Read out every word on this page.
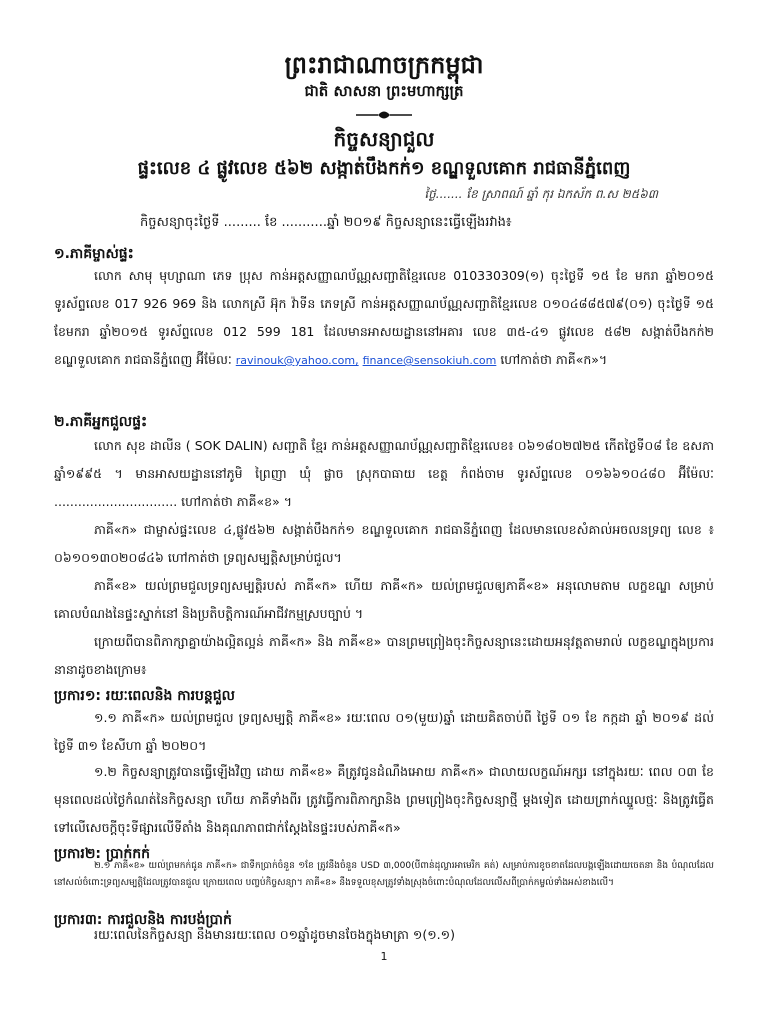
ព្រះរាជាណាចក្រកម្ពុជា
ជាតិ សាសនា ព្រះមហាក្សត្រ
កិច្ចសន្យាជួល
ផ្ទះលេខ ៤ ផ្លូវលេខ ៥៦២ សង្កាត់បឹងកក់១ ខណ្ឌទួលគោក រាជធានីភ្នំពេញ
ថ្ងៃ....... ខែ ស្រាពណ៍ ឆ្នាំ កុរ ឯកស័ក ព.ស ២៥៦៣
កិច្ចសន្យាចុះថ្ងៃទី ......... ខែ ...........ឆ្នាំ ២០១៩ កិច្ចសន្យានេះធ្វើឡើងរវាង៖
១.ភាគីម្ចាស់ផ្ទះ
លោក សាមុ មុហ្សាណា ភេទ ប្រុស កាន់អត្តសញ្ញាណប័ណ្ណសញ្ជាតិខ្មែរលេខ 010330309(១) ចុះថ្ងៃទី ១៥ ខែ មករា ឆ្នាំ២០១៥ ទូរស័ព្ទលេខ 017 926 969 និង លោកស្រី អ៊ុក វ៉ាទីន ភេទស្រី កាន់អត្តសញ្ញាណប័ណ្ណសញ្ជាតិខ្មែរលេខ ០១០៤៨៨៥៧៩(០១) ចុះថ្ងៃទី ១៥ ខែមករា ឆ្នាំ២០១៥ ទូរស័ព្ទលេខ 012 599 181 ដែលមានអាសយដ្ឋាននៅអគារ លេខ ៣៥-៤១ ផ្លូវលេខ ៥៨២ សង្កាត់បឹងកក់២ ខណ្ឌទួលគោក រាជធានីភ្នំពេញ អ៊ីម៉ែលៈ ravinouk@yahoo.com, finance@sensokiuh.com ហៅកាត់ថា ភាគី«ក»។
២.ភាគីអ្នកជួលផ្ទះ
លោក សុខ ដាលីន ( SOK DALIN) សញ្ជាតិ ខ្មែរ កាន់អត្តសញ្ញាណប័ណ្ណសញ្ជាតិខ្មែរលេខ៖ ០៦១៨០២៧២៥ កើតថ្ងៃទី០៨ ខែ ឧសភា ឆ្នាំ១៩៩៥ ។ មានអាសយដ្ឋាននៅភូមិ ព្រៃញា ឃុំ ផ្លាច ស្រុកបាធាយ ខេត្ត កំពង់ចាម ទូរស័ព្ទលេខ ០១៦៦១០៤៨០ អ៊ីម៉ែលៈ ............................... ហៅកាត់ថា ភាគី«ខ» ។
ភាគី«ក» ជាម្ចាស់ផ្ទះលេខ ៤,ផ្លូវ៥៦២ សង្កាត់បឹងកក់១ ខណ្ឌទួលគោក រាជធានីភ្នំពេញ ដែលមានលេខសំគាល់អចលនទ្រព្យ លេខ ៖ ០៦១០១៣០២០៨៤៦ ហៅកាត់ថា ទ្រព្យសម្បត្តិសម្រាប់ជួល។
ភាគី«ខ» យល់ព្រមជួលទ្រព្យសម្បត្តិរបស់ ភាគី«ក» ហើយ ភាគី«ក» យល់ព្រមជួលឲ្យភាគី«ខ» អនុលោមតាម លក្ខខណ្ឌ សម្រាប់គោលបំណងនៃផ្ទះស្នាក់នៅ និងប្រតិបត្តិការណ៍អាជីវកម្មស្របច្បាប់ ។
ក្រោយពីបានពិភាក្សាគ្នាយ៉ាងល្អិតល្អន់ ភាគី«ក» និង ភាគី«ខ» បានព្រមព្រៀងចុះកិច្ចសន្យានេះដោយអនុវត្តតាមរាល់ លក្ខខណ្ឌក្នុងប្រការនានាដូចខាងក្រោម៖
ប្រការ១: រយៈពេលនិង ការបន្តជួល
១.១ ភាគី«ក» យល់ព្រមជួល ទ្រព្យសម្បត្តិ ភាគី«ខ» រយៈពេល ០១(មួយ)ឆ្នាំ ដោយគិតចាប់ពី ថ្ងៃទី ០១ ខែ កក្កដា ឆ្នាំ ២០១៩ ដល់ ថ្ងៃទី ៣១ ខែសីហា ឆ្នាំ ២០២០។
១.២ កិច្ចសន្យាត្រូវបានធ្វើឡើងវិញ ដោយ ភាគី«ខ» គឺត្រូវជូនដំណឹងអោយ ភាគី«ក» ជាលាយលក្ខណ៍អក្សរ នៅក្នុងរយៈ ពេល ០៣ ខែ មុនពេលដល់ថ្ងៃកំណត់នៃកិច្ចសន្យា ហើយ ភាគីទាំងពីរ ត្រូវធ្វើការពិភាក្សានិង ព្រមព្រៀងចុះកិច្ចសន្យាថ្មី ម្ដងទៀត ដោយព្រាក់ឈ្នួលថ្មៈ និងត្រូវធ្វើតទៅលើសេចក្តីចុះទីផ្សារលើទីតាំង និងគុណភាពជាក់ស្តែងនៃផ្ទះរបស់ភាគី«ក»
ប្រការ២: ប្រាក់កក់
២.១ ភាគី«ខ» យល់ព្រមកក់ជូន ភាគី«ក» ជាទឹកប្រាក់ចំនួន ១ខែ ត្រូវនឹងចំនួន USD ៣,000(បីពាន់ដុល្លារអាមេរិក គត់) សម្រាប់ការខូចខាតដែលបង្កឡើងដោយចេតនា និង បំណុលដែលនៅសល់ចំពោះទ្រព្យសម្បត្តិដែលត្រូវបានជួល ក្រោយពេល បញ្ចប់កិច្ចសន្យា។ ភាគី«ខ» នឹងទទួលខុសត្រូវទាំងស្រុងចំពោះបំណុលដែលលើសពីប្រាក់កម្ចល់ទាំងអស់ខាងលើ។
ប្រការ៣: ការជួលនិង ការបង់ប្រាក់
រយៈពេលនៃកិច្ចសន្យា នឹងមានរយៈពេល ០១ឆ្នាំដូចមានចែងក្នុងមាត្រា ១(១.១)
1
